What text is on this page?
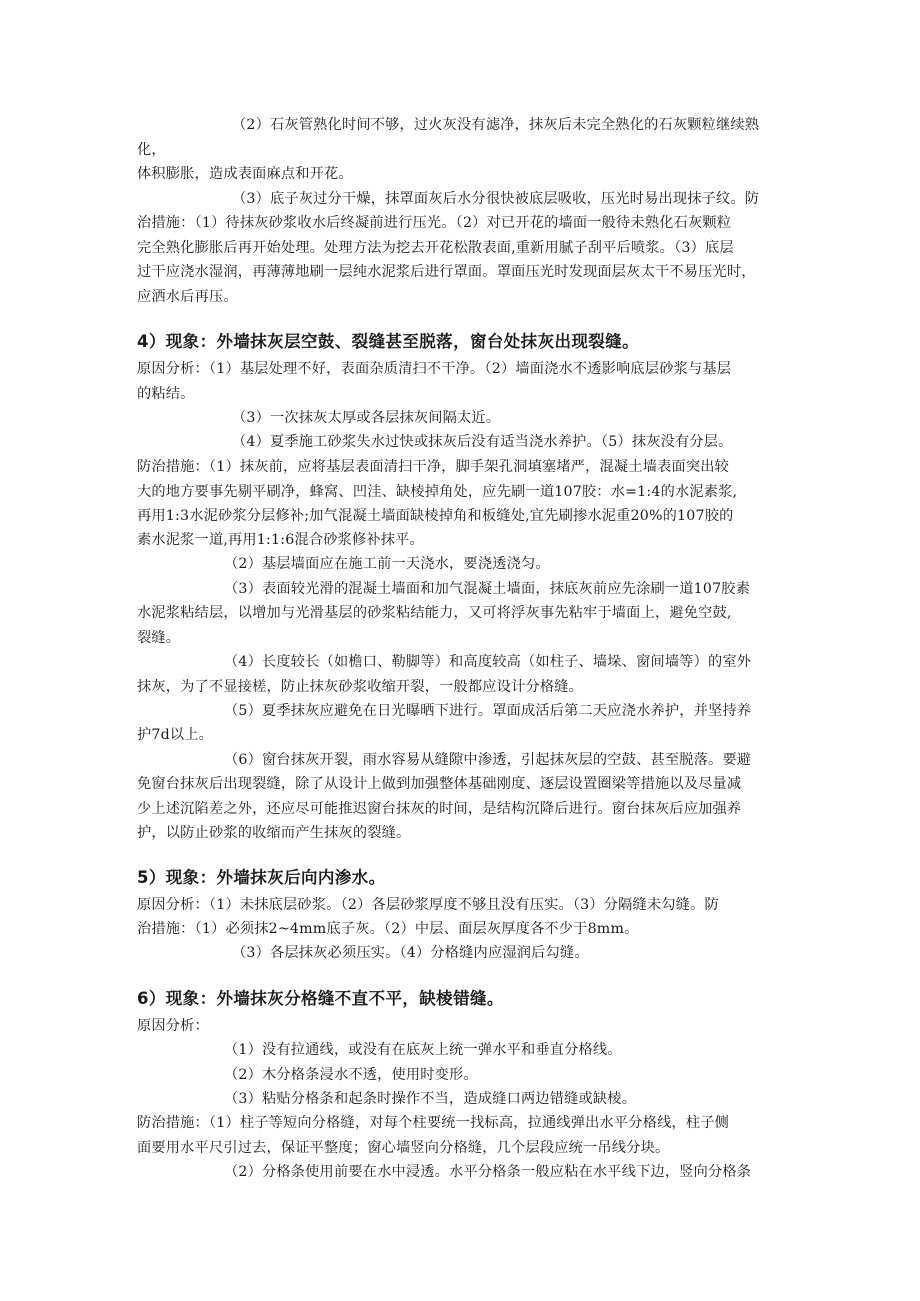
（2）石灰管熟化时间不够，过火灰没有滤净，抹灰后未完全熟化的石灰颗粒继续熟
化，
体积膨胀，造成表面麻点和开花。
（3）底子灰过分干燥，抹罩面灰后水分很快被底层吸收，压光时易出现抹子纹。防
治措施：（1）待抹灰砂浆收水后终凝前进行压光。（2）对已开花的墙面一般待未熟化石灰颗粒
完全熟化膨胀后再开始处理。处理方法为挖去开花松散表面,重新用腻子刮平后喷浆。（3）底层
过干应浇水湿润，再薄薄地刷一层纯水泥浆后进行罩面。罩面压光时发现面层灰太干不易压光时，
应洒水后再压。
4）现象：外墙抹灰层空鼓、裂缝甚至脱落，窗台处抹灰出现裂缝。
原因分析：（1）基层处理不好，表面杂质清扫不干净。（2）墙面浇水不透影响底层砂浆与基层
的粘结。
（3）一次抹灰太厚或各层抹灰间隔太近。
（4）夏季施工砂浆失水过快或抹灰后没有适当浇水养护。（5）抹灰没有分层。
防治措施：（1）抹灰前，应将基层表面清扫干净，脚手架孔洞填塞堵严，混凝土墙表面突出较
大的地方要事先剔平刷净，蜂窝、凹洼、缺棱掉角处，应先刷一道107胶：水=1:4的水泥素浆,
再用1:3水泥砂浆分层修补;加气混凝土墙面缺棱掉角和板缝处,宜先刷掺水泥重20%的107胶的
素水泥浆一道,再用1:1:6混合砂浆修补抹平。
（2）基层墙面应在施工前一天浇水，要浇透浇匀。
（3）表面较光滑的混凝土墙面和加气混凝土墙面，抹底灰前应先涂刷一道107胶素
水泥浆粘结层，以增加与光滑基层的砂浆粘结能力，又可将浮灰事先粘牢于墙面上，避免空鼓,
裂缝。
（4）长度较长（如檐口、勒脚等）和高度较高（如柱子、墙垛、窗间墙等）的室外
抹灰，为了不显接槎，防止抹灰砂浆收缩开裂，一般都应设计分格缝。
（5）夏季抹灰应避免在日光曝晒下进行。罩面成活后第二天应浇水养护，并坚持养
护7d以上。
（6）窗台抹灰开裂，雨水容易从缝隙中渗透，引起抹灰层的空鼓、甚至脱落。要避
免窗台抹灰后出现裂缝，除了从设计上做到加强整体基础刚度、逐层设置圈梁等措施以及尽量减
少上述沉陷差之外，还应尽可能推迟窗台抹灰的时间，是结构沉降后进行。窗台抹灰后应加强养
护，以防止砂浆的收缩而产生抹灰的裂缝。
5）现象：外墙抹灰后向内渗水。
原因分析：（1）未抹底层砂浆。（2）各层砂浆厚度不够且没有压实。（3）分隔缝未勾缝。防
治措施：（1）必须抹2~4mm底子灰。（2）中层、面层灰厚度各不少于8mm。
（3）各层抹灰必须压实。（4）分格缝内应湿润后勾缝。
6）现象：外墙抹灰分格缝不直不平，缺棱错缝。
原因分析：
（1）没有拉通线，或没有在底灰上统一弹水平和垂直分格线。
（2）木分格条浸水不透，使用时变形。
（3）粘贴分格条和起条时操作不当，造成缝口两边错缝或缺棱。
防治措施：（1）柱子等短向分格缝，对每个柱要统一找标高，拉通线弹出水平分格线，柱子侧
面要用水平尺引过去，保证平整度；窗心墙竖向分格缝，几个层段应统一吊线分块。
（2）分格条使用前要在水中浸透。水平分格条一般应粘在水平线下边，竖向分格条
